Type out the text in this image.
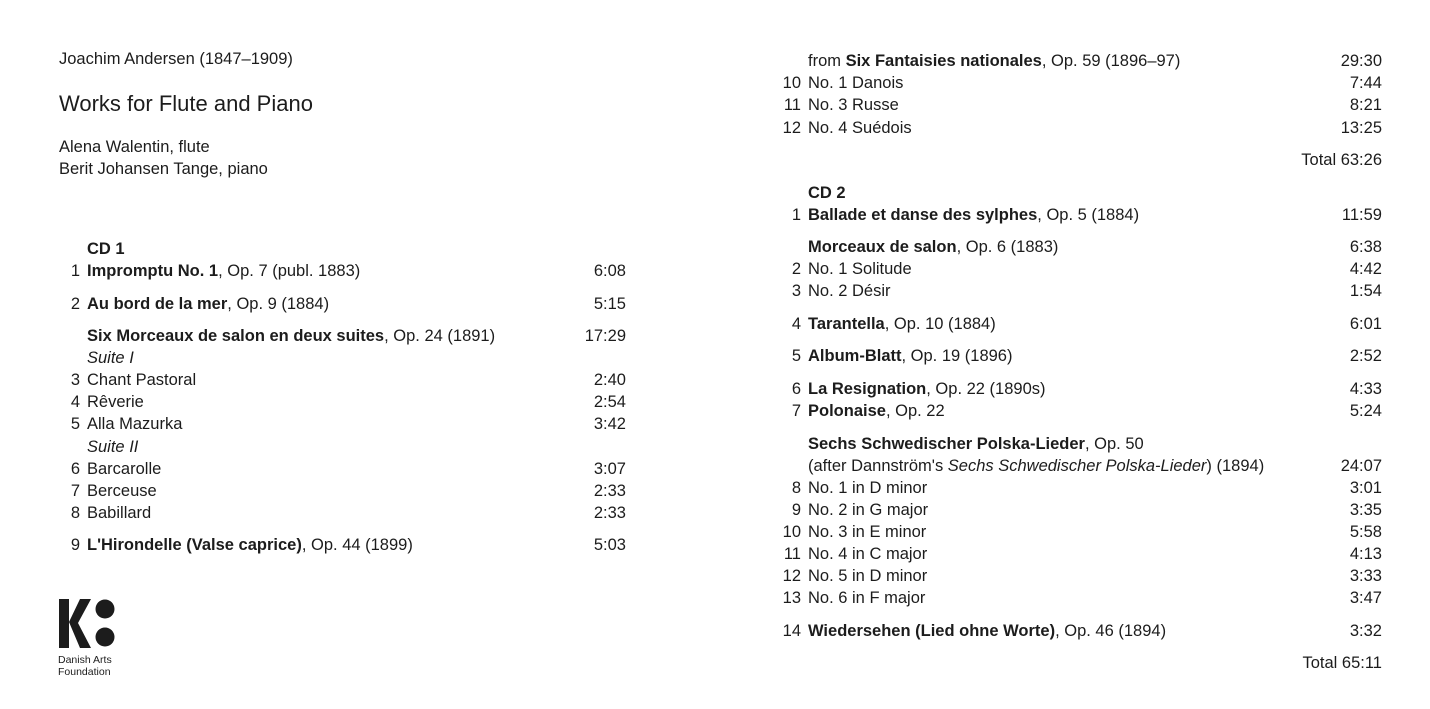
Joachim Andersen (1847–1909)
Works for Flute and Piano
Alena Walentin, flute
Berit Johansen Tange, piano
CD 1
1 Impromptu No. 1, Op. 7 (publ. 1883)	6:08
2 Au bord de la mer, Op. 9 (1884)	5:15
Six Morceaux de salon en deux suites, Op. 24 (1891)	17:29
Suite I
3 Chant Pastoral	2:40
4 Rêverie	2:54
5 Alla Mazurka	3:42
Suite II
6 Barcarolle	3:07
7 Berceuse	2:33
8 Babillard	2:33
9 L'Hirondelle (Valse caprice), Op. 44 (1899)	5:03
from Six Fantaisies nationales, Op. 59 (1896–97)	29:30
10 No. 1 Danois	7:44
11 No. 3 Russe	8:21
12 No. 4 Suédois	13:25
Total 63:26
CD 2
1 Ballade et danse des sylphes, Op. 5 (1884)	11:59
Morceaux de salon, Op. 6 (1883)	6:38
2 No. 1 Solitude	4:42
3 No. 2 Désir	1:54
4 Tarantella, Op. 10 (1884)	6:01
5 Album-Blatt, Op. 19 (1896)	2:52
6 La Resignation, Op. 22 (1890s)	4:33
7 Polonaise, Op. 22	5:24
Sechs Schwedischer Polska-Lieder, Op. 50
(after Dannström's Sechs Schwedischer Polska-Lieder) (1894)	24:07
8 No. 1 in D minor	3:01
9 No. 2 in G major	3:35
10 No. 3 in E minor	5:58
11 No. 4 in C major	4:13
12 No. 5 in D minor	3:33
13 No. 6 in F major	3:47
14 Wiedersehen (Lied ohne Worte), Op. 46 (1894)	3:32
Total 65:11
Danish Arts
Foundation
